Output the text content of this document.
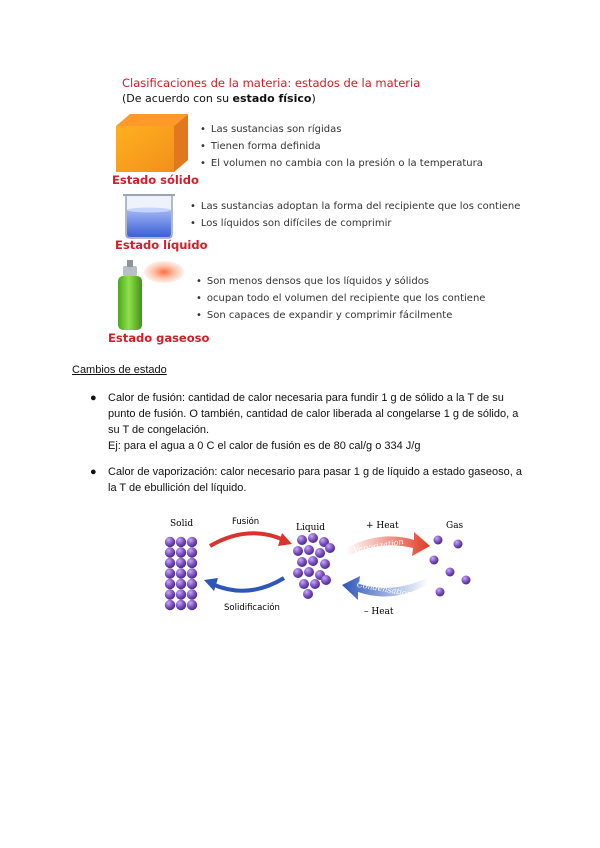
Clasificaciones de la materia: estados de la materia
(De acuerdo con su estado físico)
Estado sólido
• Las sustancias son rígidas
• Tienen forma definida
• El volumen no cambia con la presión o la temperatura
Estado líquido
• Las sustancias adoptan la forma del recipiente que los contiene
• Los líquidos son difíciles de comprimir
Estado gaseoso
• Son menos densos que los líquidos y sólidos
• ocupan todo el volumen del recipiente que los contiene
• Son capaces de expandir y comprimir fácilmente
Cambios de estado
● Calor de fusión: cantidad de calor necesaria para fundir 1 g de sólido a la T de su
punto de fusión. O también, cantidad de calor liberada al congelarse 1 g de sólido, a
su T de congelación.
Ej: para el agua a 0 C el calor de fusión es de 80 cal/g o 334 J/g
● Calor de vaporización: calor necesario para pasar 1 g de líquido a estado gaseoso, a
la T de ebullición del líquido.
Vaporization
Condensation
Solid	Fusión
Liquid	+ Heat	Gas
– Heat
Solidificación
